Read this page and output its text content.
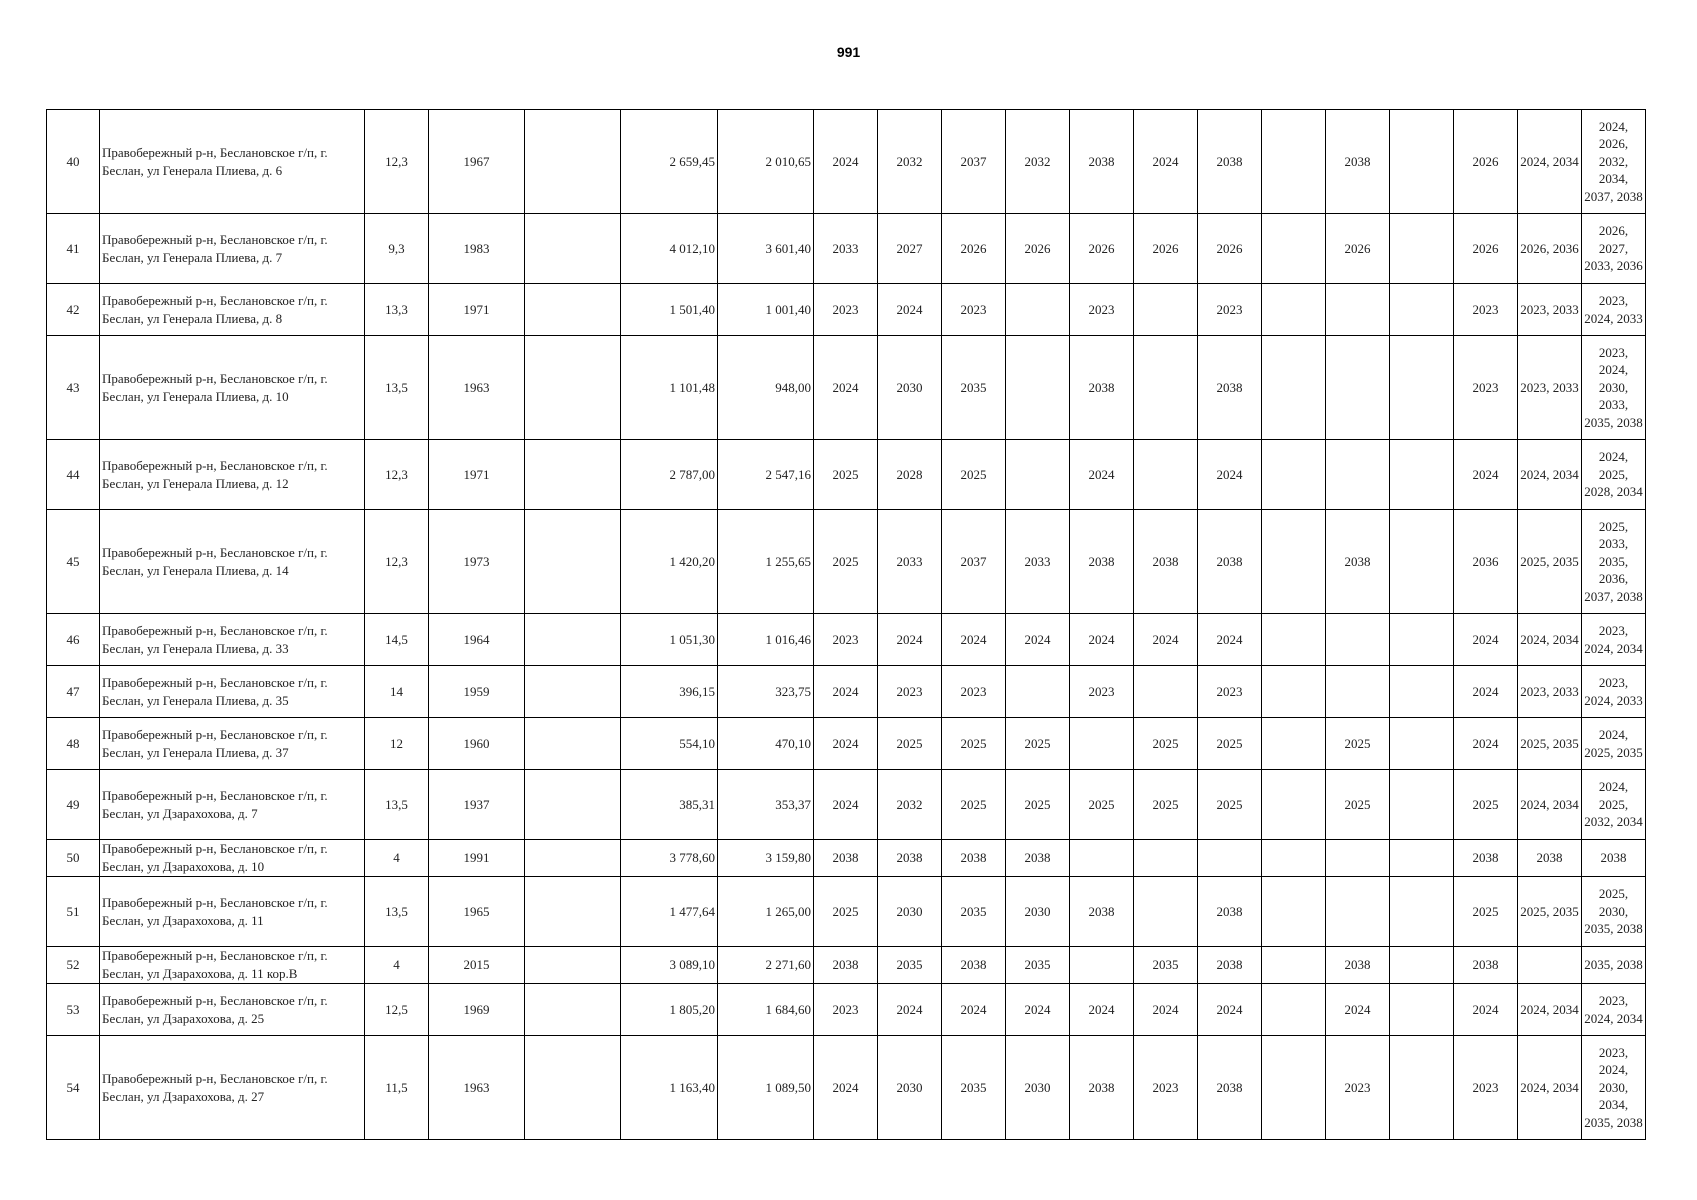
991
40	Правобережный р-н, Беслановское г/п, г. Беслан, ул Генерала Плиева, д. 6	12,3	1967		2 659,45	2 010,65	2024	2032	2037	2032	2038	2024	2038		2038		2026	2024, 2034	2024, 2026, 2032, 2034, 2037, 2038
41	Правобережный р-н, Беслановское г/п, г. Беслан, ул Генерала Плиева, д. 7	9,3	1983		4 012,10	3 601,40	2033	2027	2026	2026	2026	2026	2026		2026		2026	2026, 2036	2026, 2027, 2033, 2036
42	Правобережный р-н, Беслановское г/п, г. Беслан, ул Генерала Плиева, д. 8	13,3	1971		1 501,40	1 001,40	2023	2024	2023		2023		2023				2023	2023, 2033	2023, 2024, 2033
43	Правобережный р-н, Беслановское г/п, г. Беслан, ул Генерала Плиева, д. 10	13,5	1963		1 101,48	948,00	2024	2030	2035		2038		2038				2023	2023, 2033	2023, 2024, 2030, 2033, 2035, 2038
44	Правобережный р-н, Беслановское г/п, г. Беслан, ул Генерала Плиева, д. 12	12,3	1971		2 787,00	2 547,16	2025	2028	2025		2024		2024				2024	2024, 2034	2024, 2025, 2028, 2034
45	Правобережный р-н, Беслановское г/п, г. Беслан, ул Генерала Плиева, д. 14	12,3	1973		1 420,20	1 255,65	2025	2033	2037	2033	2038	2038	2038		2038		2036	2025, 2035	2025, 2033, 2035, 2036, 2037, 2038
46	Правобережный р-н, Беслановское г/п, г. Беслан, ул Генерала Плиева, д. 33	14,5	1964		1 051,30	1 016,46	2023	2024	2024	2024	2024	2024	2024				2024	2024, 2034	2023, 2024, 2034
47	Правобережный р-н, Беслановское г/п, г. Беслан, ул Генерала Плиева, д. 35	14	1959		396,15	323,75	2024	2023	2023		2023		2023				2024	2023, 2033	2023, 2024, 2033
48	Правобережный р-н, Беслановское г/п, г. Беслан, ул Генерала Плиева, д. 37	12	1960		554,10	470,10	2024	2025	2025	2025		2025	2025		2025		2024	2025, 2035	2024, 2025, 2035
49	Правобережный р-н, Беслановское г/п, г. Беслан, ул Дзарахохова, д. 7	13,5	1937		385,31	353,37	2024	2032	2025	2025	2025	2025	2025		2025		2025	2024, 2034	2024, 2025, 2032, 2034
50	Правобережный р-н, Беслановское г/п, г. Беслан, ул Дзарахохова, д. 10	4	1991		3 778,60	3 159,80	2038	2038	2038	2038							2038	2038	2038
51	Правобережный р-н, Беслановское г/п, г. Беслан, ул Дзарахохова, д. 11	13,5	1965		1 477,64	1 265,00	2025	2030	2035	2030	2038		2038				2025	2025, 2035	2025, 2030, 2035, 2038
52	Правобережный р-н, Беслановское г/п, г. Беслан, ул Дзарахохова, д. 11 кор.В	4	2015		3 089,10	2 271,60	2038	2035	2038	2035		2035	2038		2038		2038		2035, 2038
53	Правобережный р-н, Беслановское г/п, г. Беслан, ул Дзарахохова, д. 25	12,5	1969		1 805,20	1 684,60	2023	2024	2024	2024	2024	2024	2024		2024		2024	2024, 2034	2023, 2024, 2034
54	Правобережный р-н, Беслановское г/п, г. Беслан, ул Дзарахохова, д. 27	11,5	1963		1 163,40	1 089,50	2024	2030	2035	2030	2038	2023	2038		2023		2023	2024, 2034	2023, 2024, 2030, 2034, 2035, 2038
